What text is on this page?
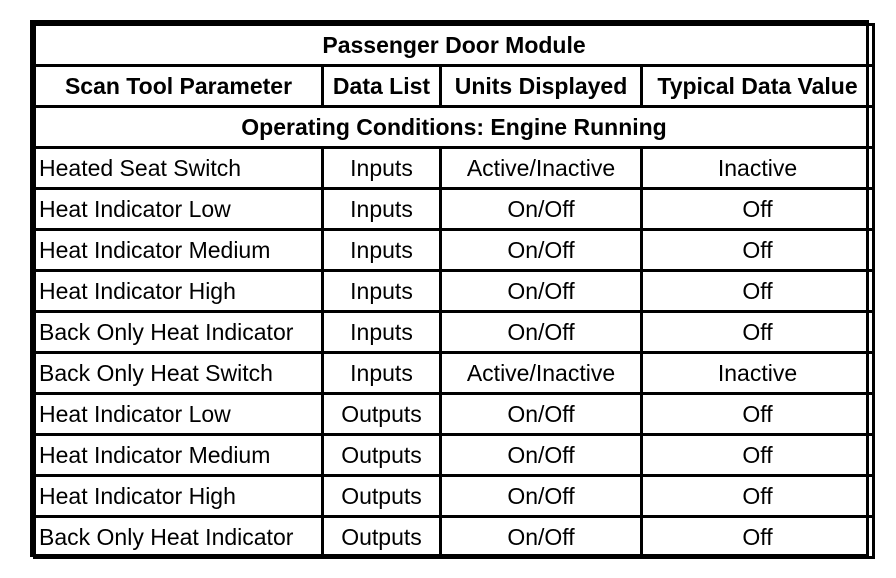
Passenger Door Module			
Scan Tool Parameter	Data List	Units Displayed	Typical Data Value
Operating Conditions: Engine Running			
Heated Seat Switch	Inputs	Active/Inactive	Inactive
Heat Indicator Low	Inputs	On/Off	Off
Heat Indicator Medium	Inputs	On/Off	Off
Heat Indicator High	Inputs	On/Off	Off
Back Only Heat Indicator	Inputs	On/Off	Off
Back Only Heat Switch	Inputs	Active/Inactive	Inactive
Heat Indicator Low	Outputs	On/Off	Off
Heat Indicator Medium	Outputs	On/Off	Off
Heat Indicator High	Outputs	On/Off	Off
Back Only Heat Indicator	Outputs	On/Off	Off
